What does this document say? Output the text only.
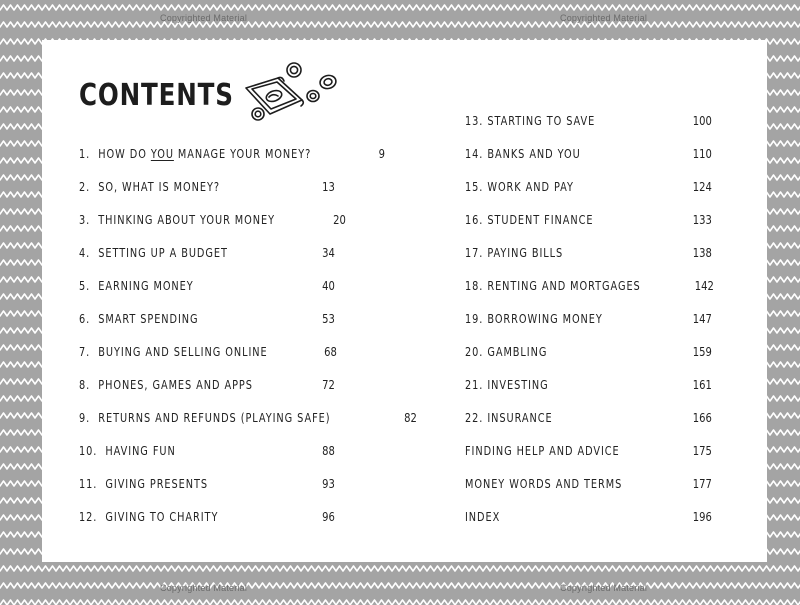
Copyrighted Material	Copyrighted Material
Copyrighted Material	Copyrighted Material
CONTENTS
1. HOW DO YOU MANAGE YOUR MONEY?	9
2. SO, WHAT IS MONEY?	13
3. THINKING ABOUT YOUR MONEY	20
4. SETTING UP A BUDGET	34
5. EARNING MONEY	40
6. SMART SPENDING	53
7. BUYING AND SELLING ONLINE	68
8. PHONES, GAMES AND APPS	72
9. RETURNS AND REFUNDS (PLAYING SAFE)	82
10. HAVING FUN	88
11. GIVING PRESENTS	93
12. GIVING TO CHARITY	96
13. STARTING TO SAVE	100
14. BANKS AND YOU	110
15. WORK AND PAY	124
16. STUDENT FINANCE	133
17. PAYING BILLS	138
18. RENTING AND MORTGAGES	142
19. BORROWING MONEY	147
20. GAMBLING	159
21. INVESTING	161
22. INSURANCE	166
FINDING HELP AND ADVICE	175
MONEY WORDS AND TERMS	177
INDEX	196
